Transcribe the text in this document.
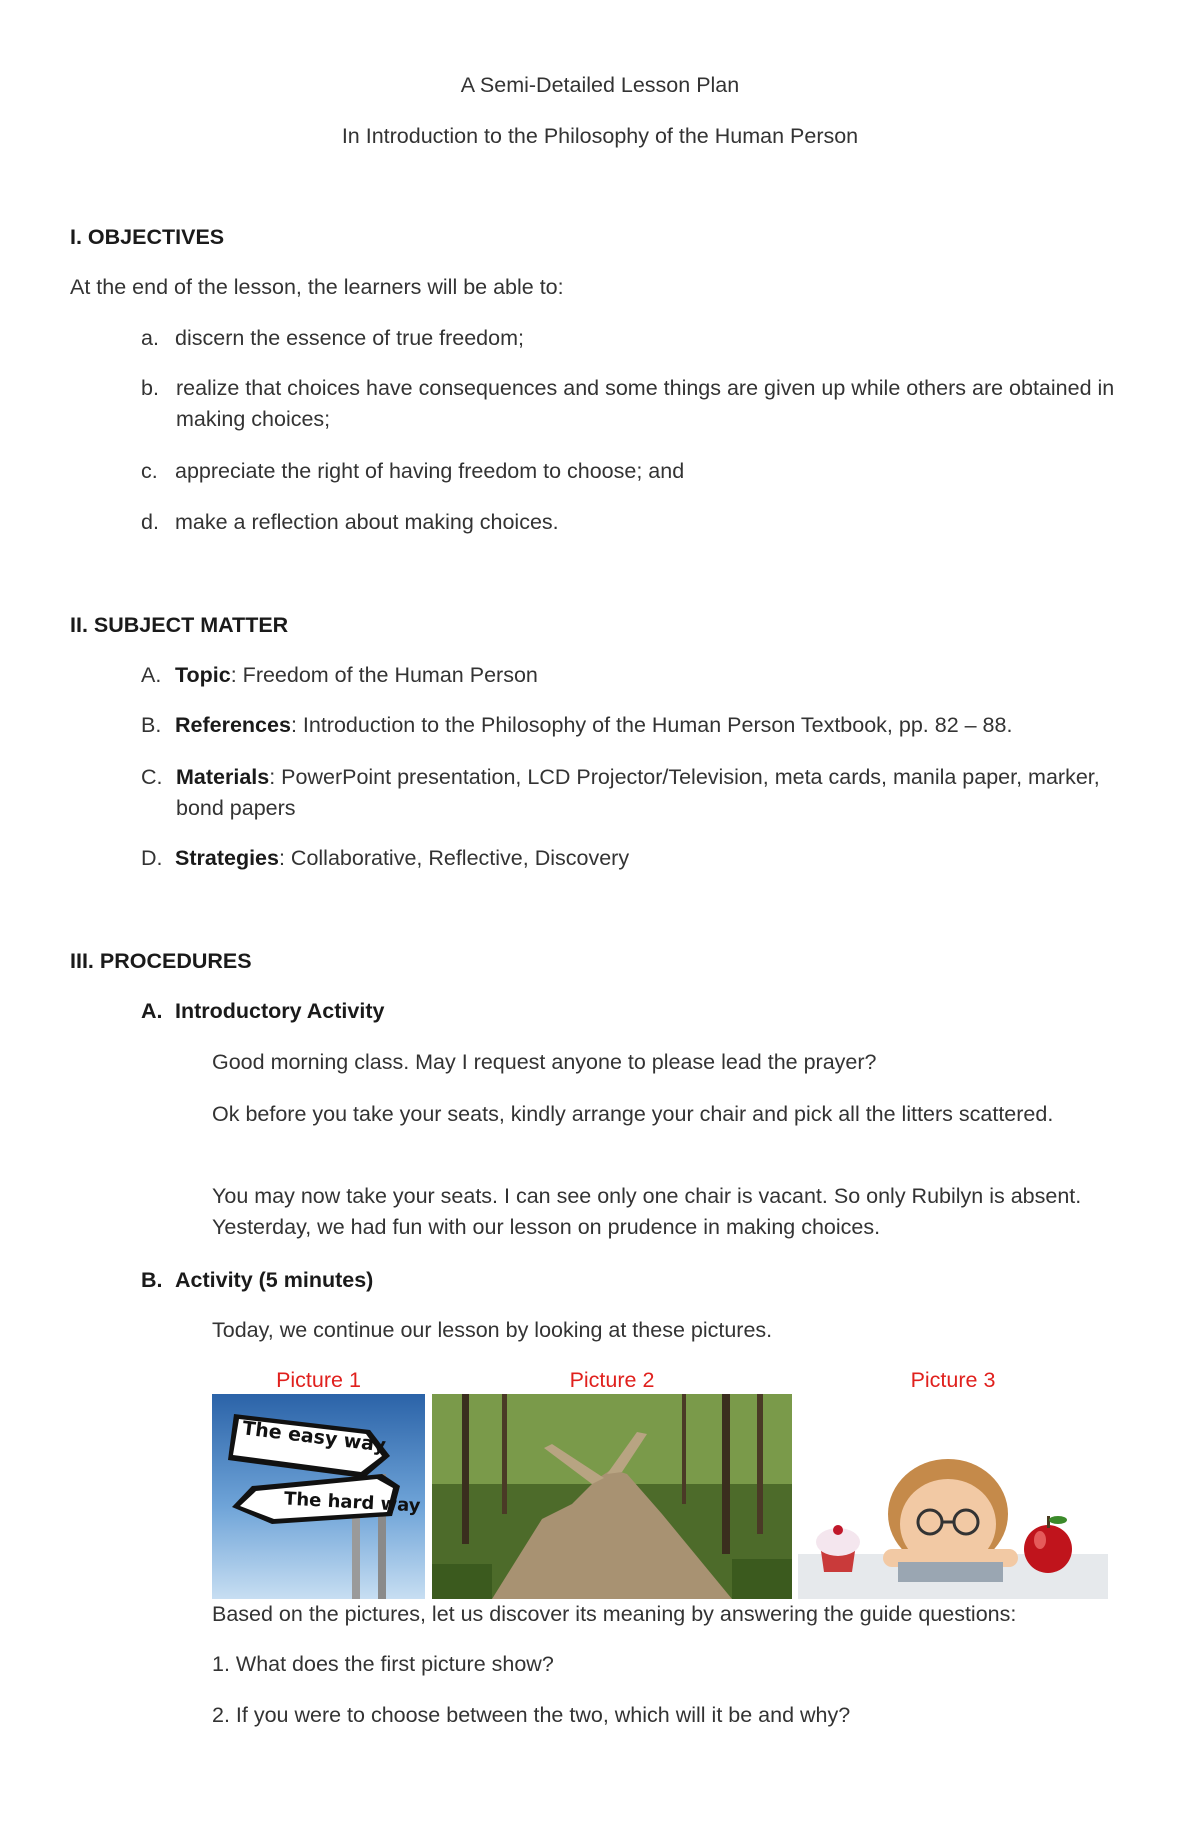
A Semi-Detailed Lesson Plan
In Introduction to the Philosophy of the Human Person
I. OBJECTIVES
At the end of the lesson, the learners will be able to:
a. discern the essence of true freedom;
b. realize that choices have consequences and some things are given up while others are obtained in making choices;
c. appreciate the right of having freedom to choose; and
d. make a reflection about making choices.
II. SUBJECT MATTER
A. Topic: Freedom of the Human Person
B. References: Introduction to the Philosophy of the Human Person Textbook, pp. 82 – 88.
C. Materials: PowerPoint presentation, LCD Projector/Television, meta cards, manila paper, marker, bond papers
D. Strategies: Collaborative, Reflective, Discovery
III. PROCEDURES
A. Introductory Activity
Good morning class. May I request anyone to please lead the prayer?
Ok before you take your seats, kindly arrange your chair and pick all the litters scattered.
You may now take your seats. I can see only one chair is vacant. So only Rubilyn is absent. Yesterday, we had fun with our lesson on prudence in making choices.
B. Activity (5 minutes)
Today, we continue our lesson by looking at these pictures.
Picture 1	Picture 2	Picture 3
The easy way
The hard way
Based on the pictures, let us discover its meaning by answering the guide questions:
1. What does the first picture show?
2. If you were to choose between the two, which will it be and why?
